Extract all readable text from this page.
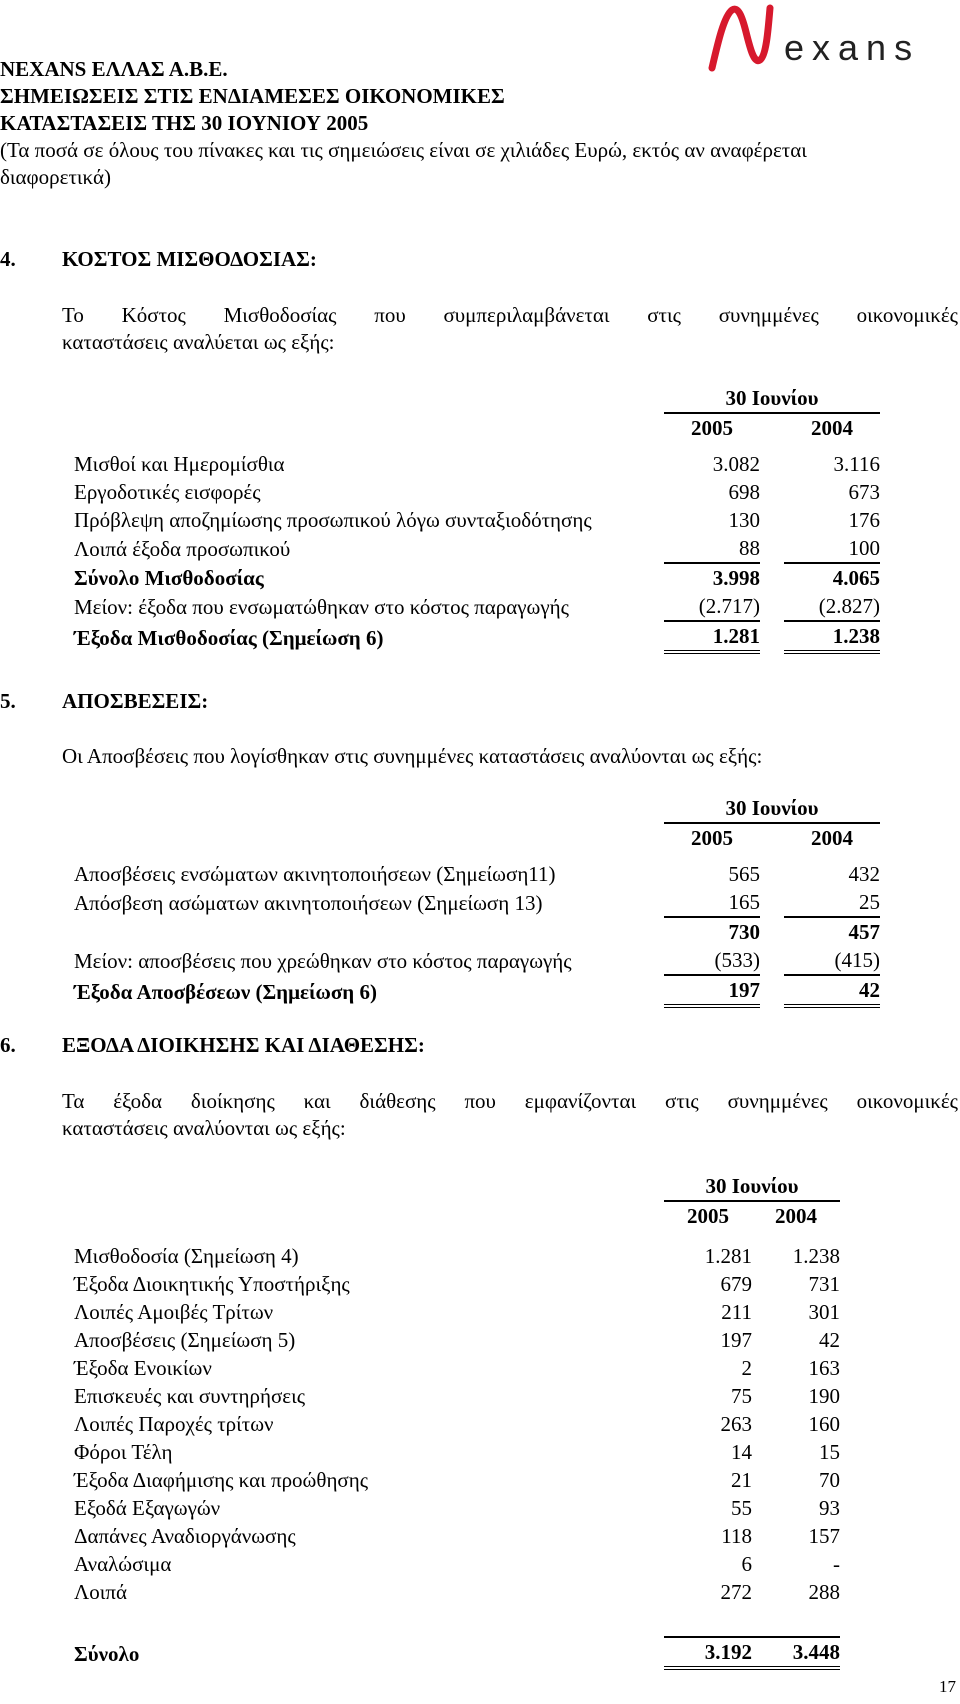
exans
NEXANS ΕΛΛΑΣ Α.Β.Ε.
ΣΗΜΕΙΩΣΕΙΣ ΣΤΙΣ ΕΝΔΙΑΜΕΣΕΣ ΟΙΚΟΝΟΜΙΚΕΣ
ΚΑΤΑΣΤΑΣΕΙΣ ΤΗΣ 30 ΙΟΥΝΙΟΥ 2005
(Τα ποσά σε όλους του πίνακες και τις σημειώσεις είναι σε χιλιάδες Ευρώ, εκτός αν αναφέρεται διαφορετικά)
4. ΚΟΣΤΟΣ ΜΙΣΘΟΔΟΣΙΑΣ:
Το Κόστος Μισθοδοσίας που συμπεριλαμβάνεται στις συνημμένες οικονομικές
καταστάσεις αναλύεται ως εξής:
	30 Ιουνίου		
	2005		2004

Μισθοί και Ημερομίσθια	3.082		3.116
Εργοδοτικές εισφορές	698		673
Πρόβλεψη αποζημίωσης προσωπικού λόγω συνταξιοδότησης	130		176
Λοιπά έξοδα προσωπικού	88		100
Σύνολο Μισθοδοσίας	3.998		4.065
Μείον: έξοδα που ενσωματώθηκαν στο κόστος παραγωγής	(2.717)		(2.827)
Έξοδα Μισθοδοσίας (Σημείωση 6)	1.281		1.238
5. ΑΠΟΣΒΕΣΕΙΣ:
Οι Αποσβέσεις που λογίσθηκαν στις συνημμένες καταστάσεις αναλύονται ως εξής:
	30 Ιουνίου		
	2005		2004

Αποσβέσεις ενσώματων ακινητοποιήσεων (Σημείωση11)	565		432
Απόσβεση ασώματων ακινητοποιήσεων (Σημείωση 13)	165		25
	730		457
Μείον: αποσβέσεις που χρεώθηκαν στο κόστος παραγωγής	(533)		(415)
Έξοδα Αποσβέσεων (Σημείωση 6)	197		42
6. ΕΞΟΔΑ ΔΙΟΙΚΗΣΗΣ ΚΑΙ ΔΙΑΘΕΣΗΣ:
Τα έξοδα διοίκησης και διάθεσης που εμφανίζονται στις συνημμένες οικονομικές
καταστάσεις αναλύονται ως εξής:
	30 Ιουνίου	
	2005		2004

Μισθοδοσία (Σημείωση 4)	1.281		1.238
Έξοδα Διοικητικής Υποστήριξης	679		731
Λοιπές Αμοιβές Τρίτων	211		301
Αποσβέσεις (Σημείωση 5)	197		42
Έξοδα Ενοικίων	2		163
Επισκευές και συντηρήσεις	75		190
Λοιπές Παροχές τρίτων	263		160
Φόροι Τέλη	14		15
Έξοδα Διαφήμισης και προώθησης	21		70
Εξοδά Εξαγωγών	55		93
Δαπάνες Αναδιοργάνωσης	118		157
Αναλώσιμα	6		-
Λοιπά	272		288

Σύνολο	3.192		3.448
17
